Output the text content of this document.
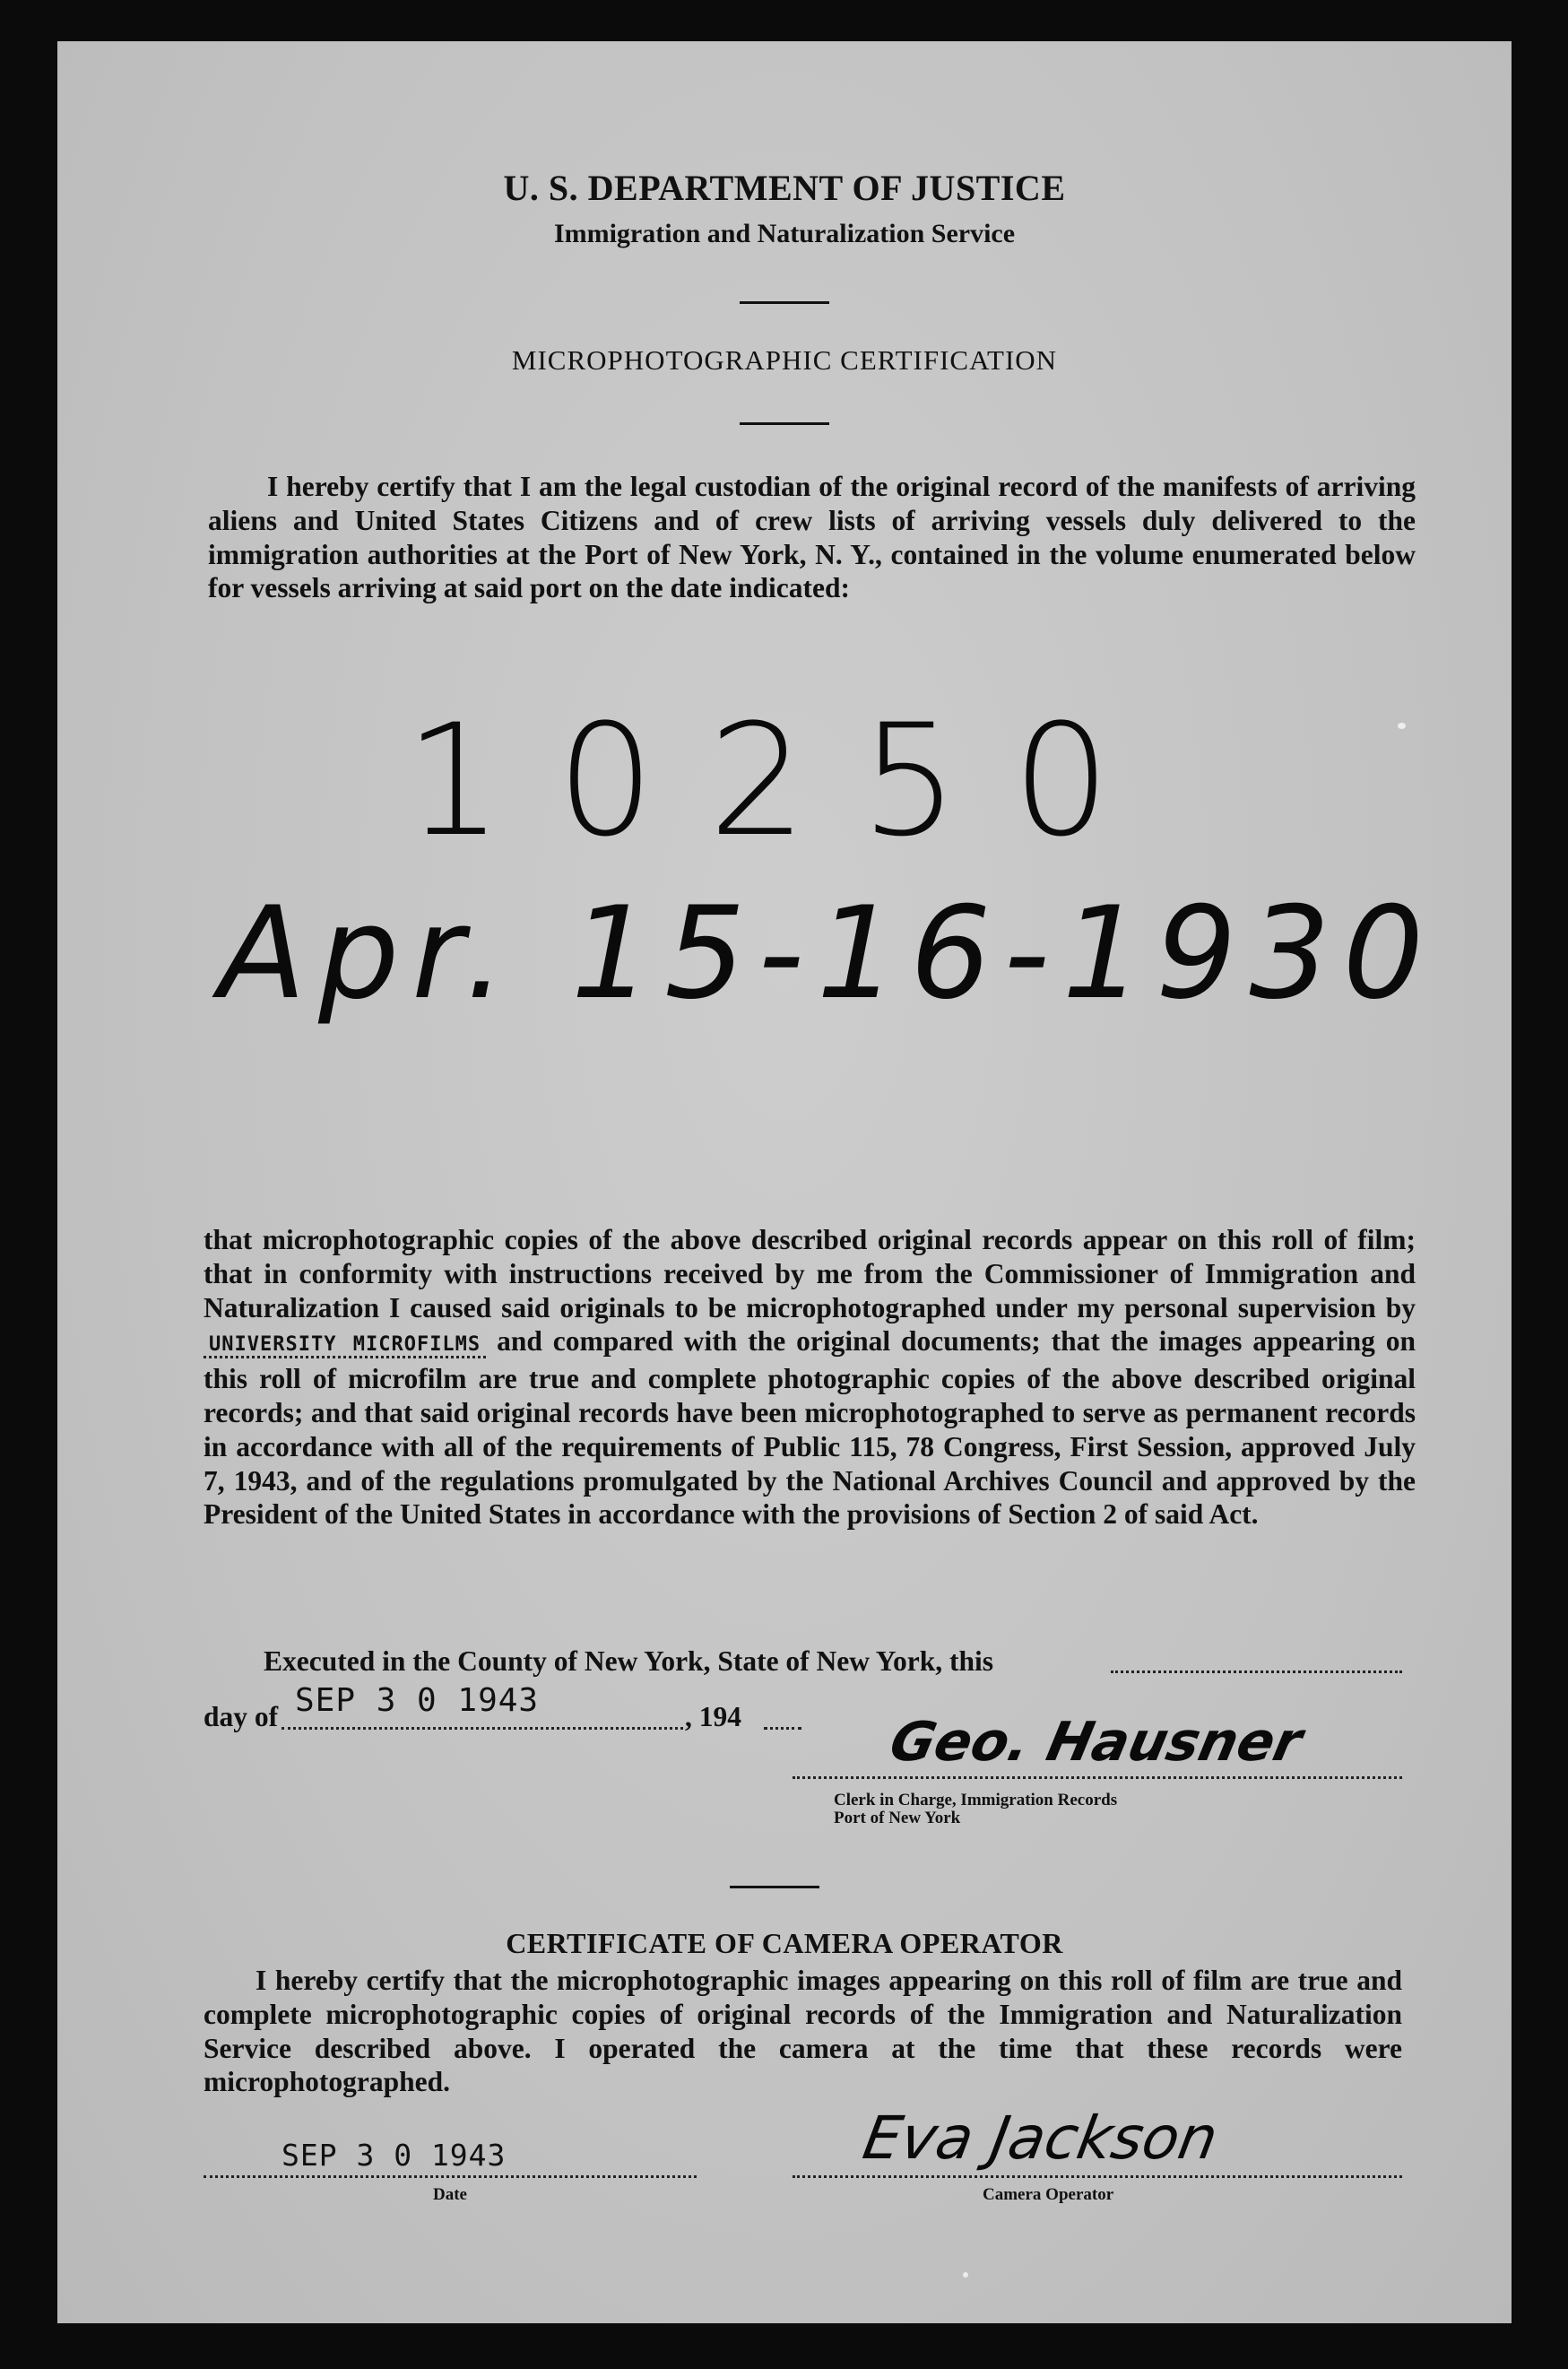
U. S. DEPARTMENT OF JUSTICE
Immigration and Naturalization Service
MICROPHOTOGRAPHIC CERTIFICATION
I hereby certify that I am the legal custodian of the original record of the manifests of arriving aliens and United States Citizens and of crew lists of arriving vessels duly delivered to the immigration authorities at the Port of New York, N. Y., contained in the volume enumerated below for vessels arriving at said port on the date indicated:
10250
Apr. 15-16-1930
that microphotographic copies of the above described original records appear on this roll of film; that in conformity with instructions received by me from the Commissioner of Immigration and Naturalization I caused said originals to be microphotographed under my personal supervision by UNIVERSITY MICROFILMS and compared with the original documents; that the images appearing on this roll of microfilm are true and complete photographic copies of the above described original records; and that said original records have been microphotographed to serve as permanent records in accordance with all of the requirements of Public 115, 78 Congress, First Session, approved July 7, 1943, and of the regulations promulgated by the National Archives Council and approved by the President of the United States in accordance with the provisions of Section 2 of said Act.
Executed in the County of New York, State of New York, this
day of SEP 3 0 1943	, 194	Geo. Hausner
Clerk in Charge, Immigration Records
Port of New York
CERTIFICATE OF CAMERA OPERATOR
I hereby certify that the microphotographic images appearing on this roll of film are true and complete microphotographic copies of original records of the Immigration and Naturalization Service described above. I operated the camera at the time that these records were microphotographed.
SEP 3 0 1943
Date
Eva Jackson
Camera Operator
